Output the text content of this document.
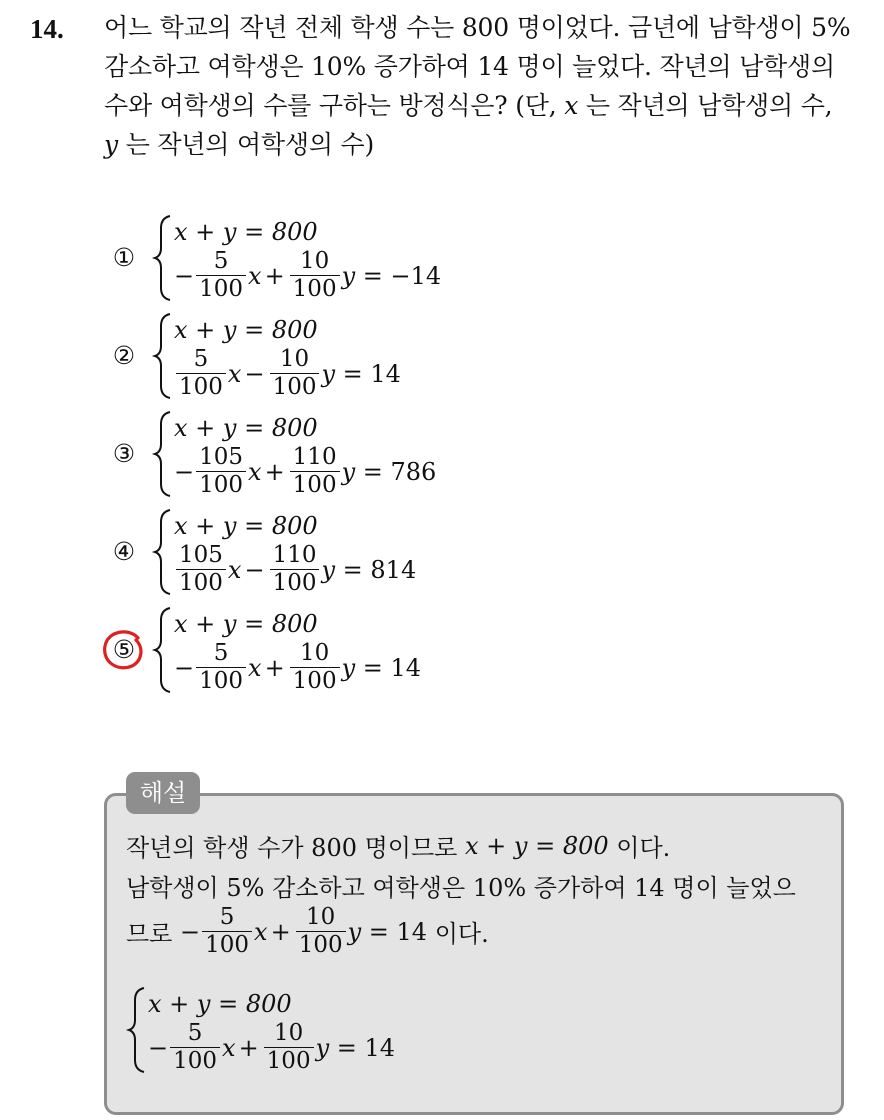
14. 어느 학교의 작년 전체 학생 수는 800 명이었다. 금년에 남학생이 5%

감소하고 여학생은 10% 증가하여 14 명이 늘었다. 작년의 남학생의

수와 여학생의 수를 구하는 방정식은? (단, x 는 작년의 남학생의 수,

y 는 작년의 여학생의 수)

①
x + y = 800
− $\frac{5}{100}$ $x + \frac{10}{100}$ y
= −14
②
x + y = 800
$\frac{5}{100}$ $x - \frac{10}{100}$ y
= 14
③
x + y = 800
− $\frac{105}{100}$ $x + \frac{110}{100}$ y
= 786
④
x + y = 800
$\frac{105}{100}$ $x - \frac{110}{100}$ y
= 814
⑤
x + y = 800
− $\frac{5}{100}$ $x + \frac{10}{100}$ y
= 14
해설
작년의 학생 수가 800 명이므로
x + y = 800
이다.
남학생이 5% 감소하고 여학생은 10% 증가하여 14 명이 늘었으
므로
− $\frac{5}{100}$ $x + \frac{10}{100}$ y
= 14
이다.
x + y = 800
− $\frac{5}{100}$ $x + \frac{10}{100}$ y
= 14
